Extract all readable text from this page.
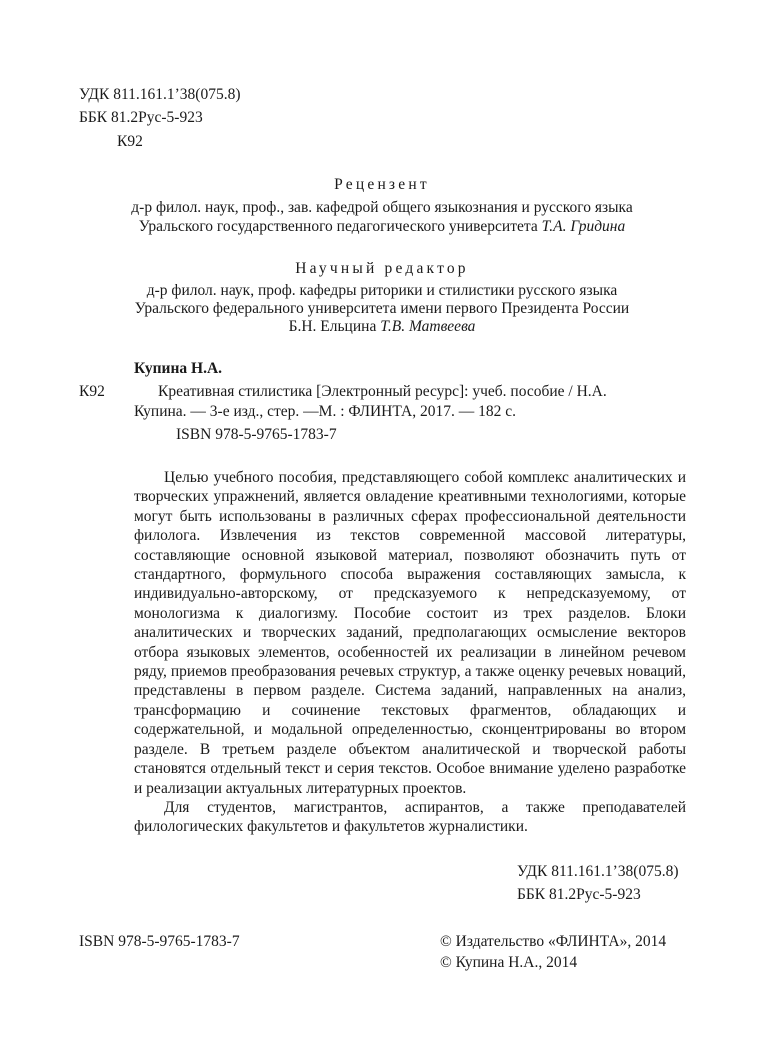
УДК 811.161.1’38(075.8)
ББК 81.2Рус-5-923
К92
Рецензент
д-р филол. наук, проф., зав. кафедрой общего языкознания и русского языка
Уральского государственного педагогического университета Т.А. Гридина
Научный редактор
д-р филол. наук, проф. кафедры риторики и стилистики русского языка
Уральского федерального университета имени первого Президента России
Б.Н. Ельцина Т.В. Матвеева
Купина Н.А.
К92	Креативная стилистика [Электронный ресурс]: учеб. пособие / Н.А.
Купина. — 3-е изд., стер. —М. : ФЛИНТА, 2017. — 182 с.
ISBN 978-5-9765-1783-7

Целью учебного пособия, представляющего собой комплекс аналитических и творческих упражнений, является овладение креативными технологиями, которые могут быть использованы в различных сферах профессиональной деятельности филолога. Извлечения из текстов современной массовой литературы, составляющие основной языковой материал, позволяют обозначить путь от стандартного, формульного способа выражения составляющих замысла, к индивидуально-авторскому, от предсказуемого к непредсказуемому, от монологизма к диалогизму. Пособие состоит из трех разделов. Блоки аналитических и творческих заданий, предполагающих осмысление векторов отбора языковых элементов, особенностей их реализации в линейном речевом ряду, приемов преобразования речевых структур, а также оценку речевых новаций, представлены в первом разделе. Система заданий, направленных на анализ, трансформацию и сочинение текстовых фрагментов, обладающих и содержательной, и модальной определенностью, сконцентрированы во втором разделе. В третьем разделе объектом аналитической и творческой работы становятся отдельный текст и серия текстов. Особое внимание уделено разработке и реализации актуальных литературных проектов.

Для студентов, магистрантов, аспирантов, а также преподавателей филологических факультетов и факультетов журналистики.

УДК 811.161.1’38(075.8)
ББК 81.2Рус-5-923
ISBN 978-5-9765-1783-7	© Издательство «ФЛИНТА», 2014
© Купина Н.А., 2014
